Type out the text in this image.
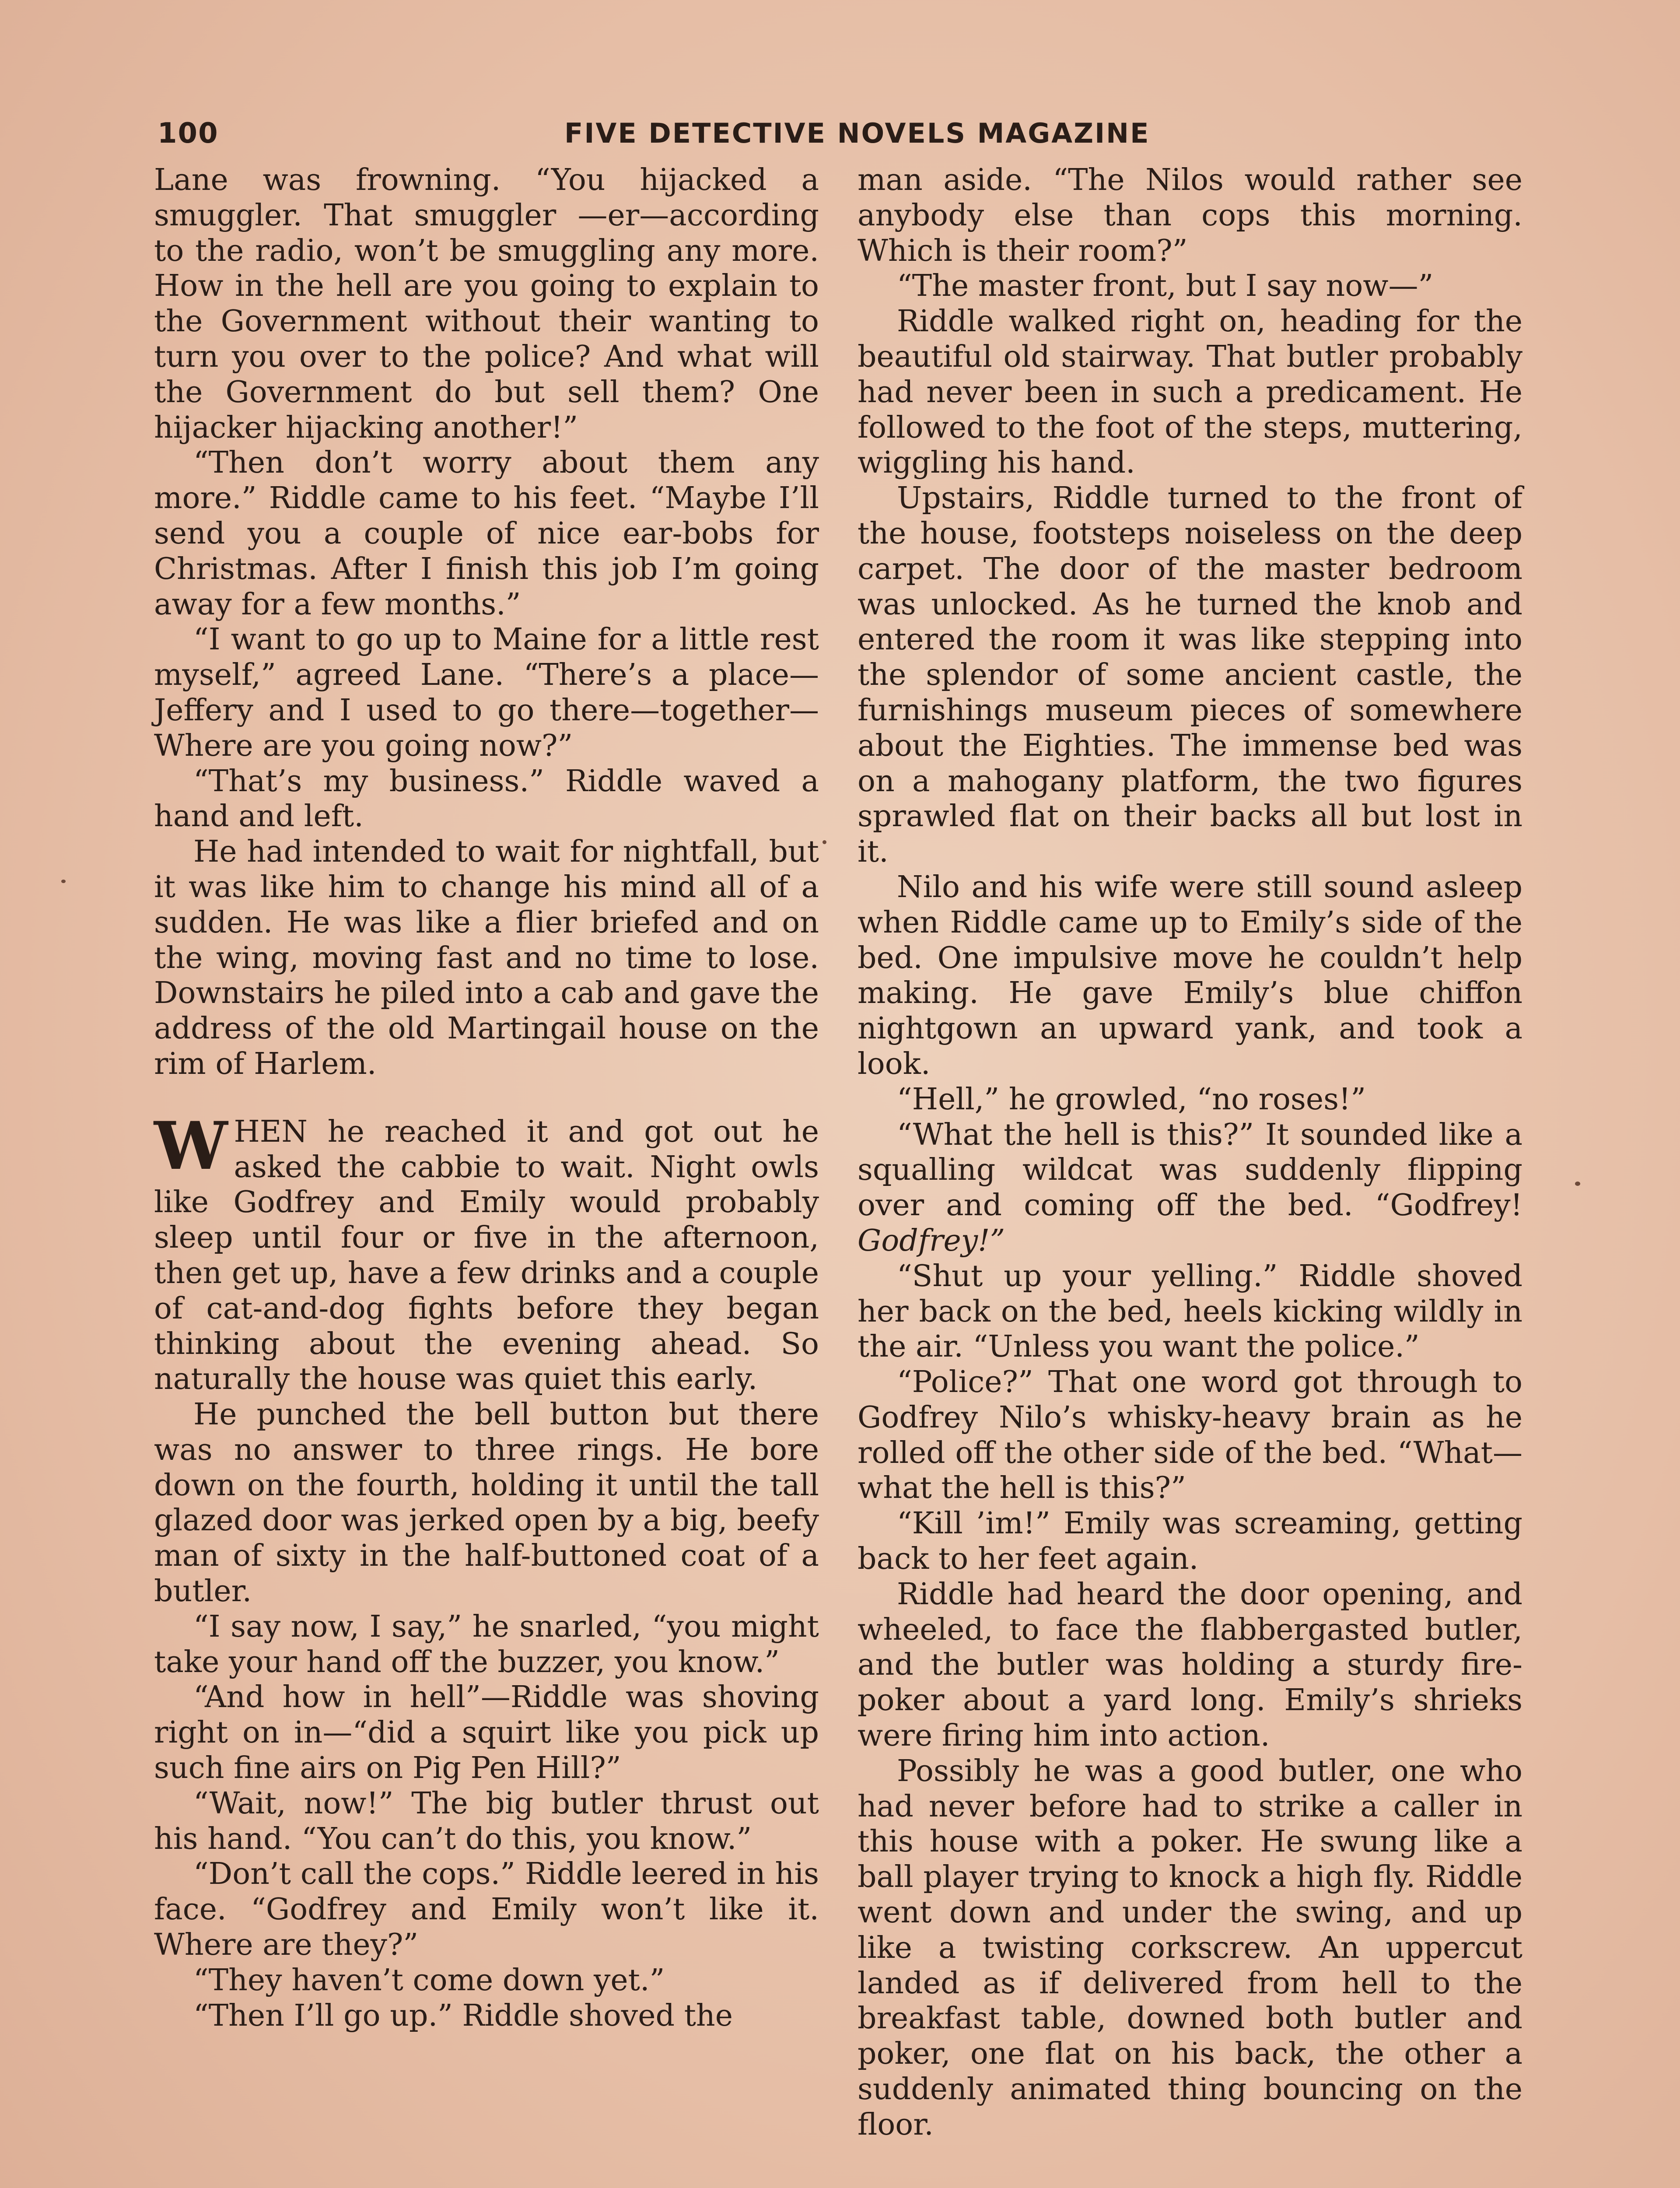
100	FIVE DETECTIVE NOVELS MAGAZINE

Lane was frowning. “You hijacked a smuggler. That smuggler —er—according to the radio, won’t be smuggling any more. How in the hell are you going to explain to the Government without their wanting to turn you over to the police? And what will the Government do but sell them? One hijacker hijacking another!”

“Then don’t worry about them any more.” Riddle came to his feet. “Maybe I’ll send you a couple of nice ear-bobs for Christmas. After I finish this job I’m going away for a few months.”

“I want to go up to Maine for a little rest myself,” agreed Lane. “There’s a place—Jeffery and I used to go there—together—Where are you going now?”

“That’s my business.” Riddle waved a hand and left.

He had intended to wait for nightfall, but it was like him to change his mind all of a sudden. He was like a flier briefed and on the wing, moving fast and no time to lose. Downstairs he piled into a cab and gave the address of the old Martingail house on the rim of Harlem.

WHEN he reached it and got out he asked the cabbie to wait. Night owls like Godfrey and Emily would probably sleep until four or five in the afternoon, then get up, have a few drinks and a couple of cat-and-dog fights before they began thinking about the evening ahead. So naturally the house was quiet this early.

He punched the bell button but there was no answer to three rings. He bore down on the fourth, holding it until the tall glazed door was jerked open by a big, beefy man of sixty in the half-buttoned coat of a butler.

“I say now, I say,” he snarled, “you might take your hand off the buzzer, you know.”

“And how in hell”—Riddle was shoving right on in—“did a squirt like you pick up such fine airs on Pig Pen Hill?”

“Wait, now!” The big butler thrust out his hand. “You can’t do this, you know.”

“Don’t call the cops.” Riddle leered in his face. “Godfrey and Emily won’t like it. Where are they?”

“They haven’t come down yet.”

“Then I’ll go up.” Riddle shoved the

man aside. “The Nilos would rather see anybody else than cops this morning. Which is their room?”

“The master front, but I say now—”

Riddle walked right on, heading for the beautiful old stairway. That butler probably had never been in such a predicament. He followed to the foot of the steps, muttering, wiggling his hand.

Upstairs, Riddle turned to the front of the house, footsteps noiseless on the deep carpet. The door of the master bedroom was unlocked. As he turned the knob and entered the room it was like stepping into the splendor of some ancient castle, the furnishings museum pieces of somewhere about the Eighties. The immense bed was on a mahogany platform, the two figures sprawled flat on their backs all but lost in it.

Nilo and his wife were still sound asleep when Riddle came up to Emily’s side of the bed. One impulsive move he couldn’t help making. He gave Emily’s blue chiffon nightgown an upward yank, and took a look.

“Hell,” he growled, “no roses!”

“What the hell is this?” It sounded like a squalling wildcat was suddenly flipping over and coming off the bed. “Godfrey! Godfrey!”

“Shut up your yelling.” Riddle shoved her back on the bed, heels kicking wildly in the air. “Unless you want the police.”

“Police?” That one word got through to Godfrey Nilo’s whisky-heavy brain as he rolled off the other side of the bed. “What—what the hell is this?”

“Kill ’im!” Emily was screaming, getting back to her feet again.

Riddle had heard the door opening, and wheeled, to face the flabbergasted butler, and the butler was holding a sturdy fire-poker about a yard long. Emily’s shrieks were firing him into action.

Possibly he was a good butler, one who had never before had to strike a caller in this house with a poker. He swung like a ball player trying to knock a high fly. Riddle went down and under the swing, and up like a twisting corkscrew. An uppercut landed as if delivered from hell to the breakfast table, downed both butler and poker, one flat on his back, the other a suddenly animated thing bouncing on the floor.
